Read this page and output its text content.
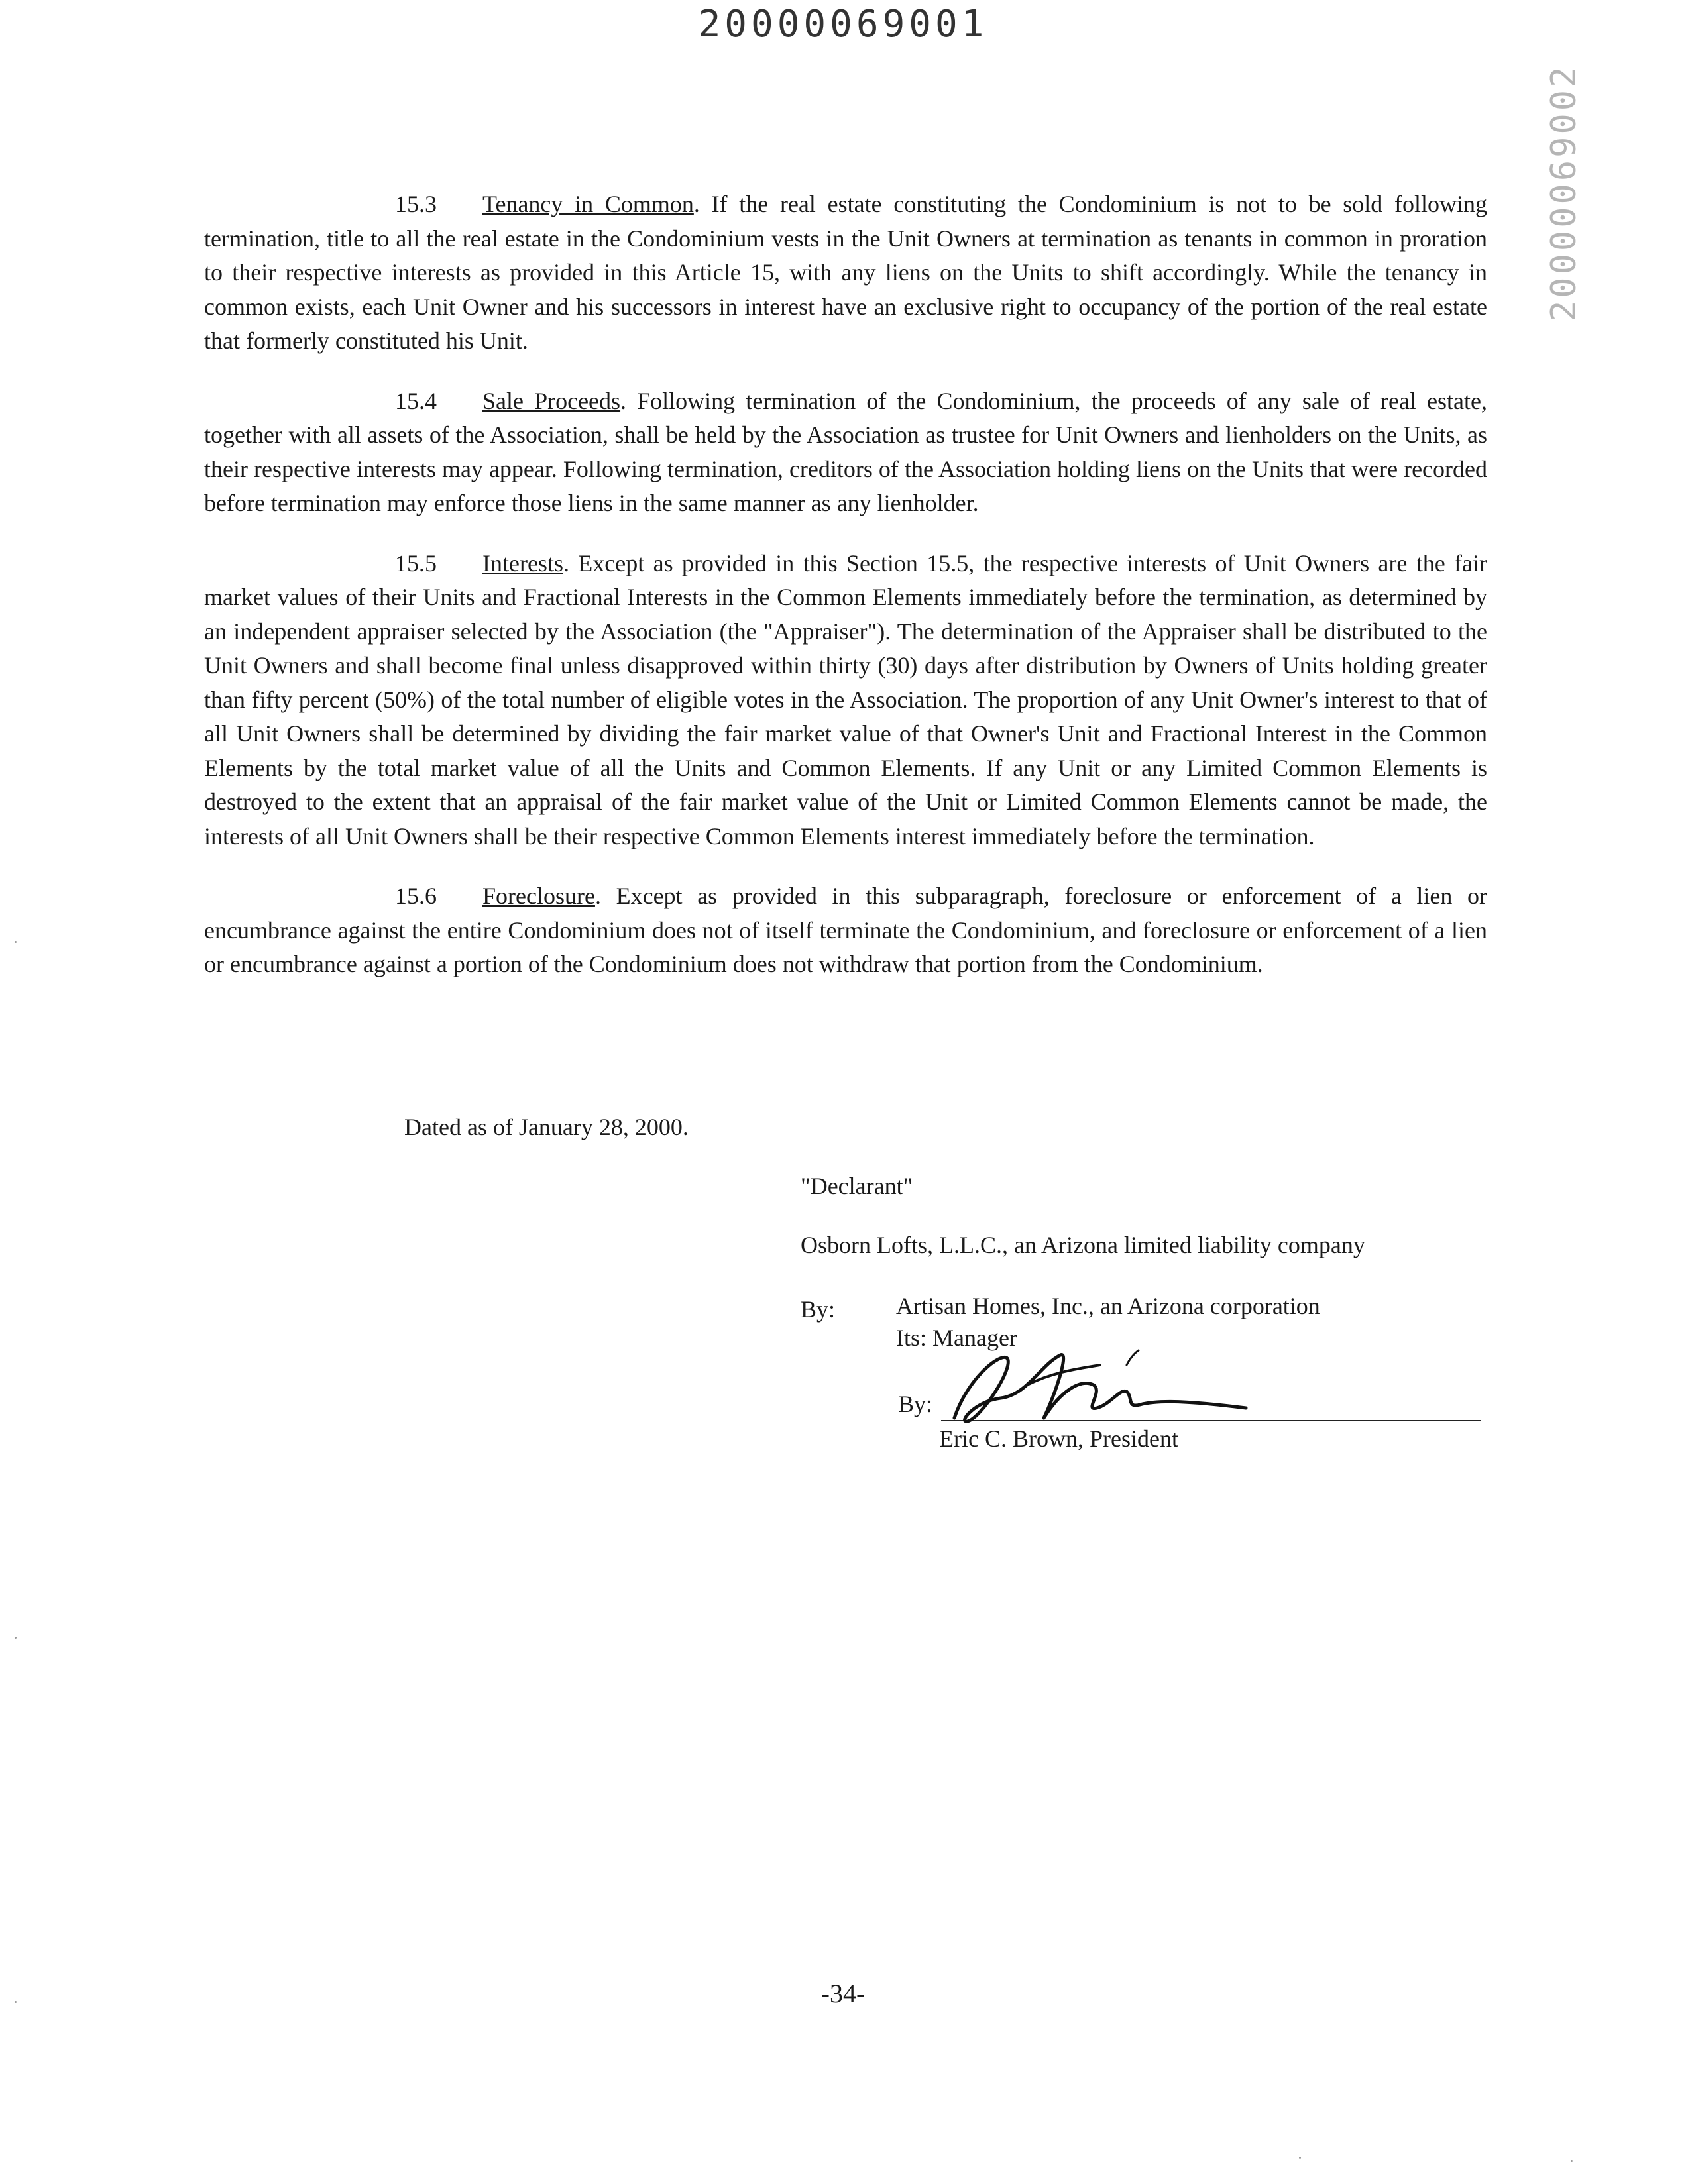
20000069001
20000069002

15.3 Tenancy in Common. If the real estate constituting the Condominium is not to be sold following termination, title to all the real estate in the Condominium vests in the Unit Owners at termination as tenants in common in proration to their respective interests as provided in this Article 15, with any liens on the Units to shift accordingly. While the tenancy in common exists, each Unit Owner and his successors in interest have an exclusive right to occupancy of the portion of the real estate that formerly constituted his Unit.

15.4 Sale Proceeds. Following termination of the Condominium, the proceeds of any sale of real estate, together with all assets of the Association, shall be held by the Association as trustee for Unit Owners and lienholders on the Units, as their respective interests may appear. Following termination, creditors of the Association holding liens on the Units that were recorded before termination may enforce those liens in the same manner as any lienholder.

15.5 Interests. Except as provided in this Section 15.5, the respective interests of Unit Owners are the fair market values of their Units and Fractional Interests in the Common Elements immediately before the termination, as determined by an independent appraiser selected by the Association (the "Appraiser"). The determination of the Appraiser shall be distributed to the Unit Owners and shall become final unless disapproved within thirty (30) days after distribution by Owners of Units holding greater than fifty percent (50%) of the total number of eligible votes in the Association. The proportion of any Unit Owner's interest to that of all Unit Owners shall be determined by dividing the fair market value of that Owner's Unit and Fractional Interest in the Common Elements by the total market value of all the Units and Common Elements. If any Unit or any Limited Common Elements is destroyed to the extent that an appraisal of the fair market value of the Unit or Limited Common Elements cannot be made, the interests of all Unit Owners shall be their respective Common Elements interest immediately before the termination.

15.6 Foreclosure. Except as provided in this subparagraph, foreclosure or enforcement of a lien or encumbrance against the entire Condominium does not of itself terminate the Condominium, and foreclosure or enforcement of a lien or encumbrance against a portion of the Condominium does not withdraw that portion from the Condominium.

Dated as of January 28, 2000.
"Declarant"
Osborn Lofts, L.L.C., an Arizona limited liability company
By:	Artisan Homes, Inc., an Arizona corporation
Its: Manager
By:
Eric C. Brown, President
-34-
